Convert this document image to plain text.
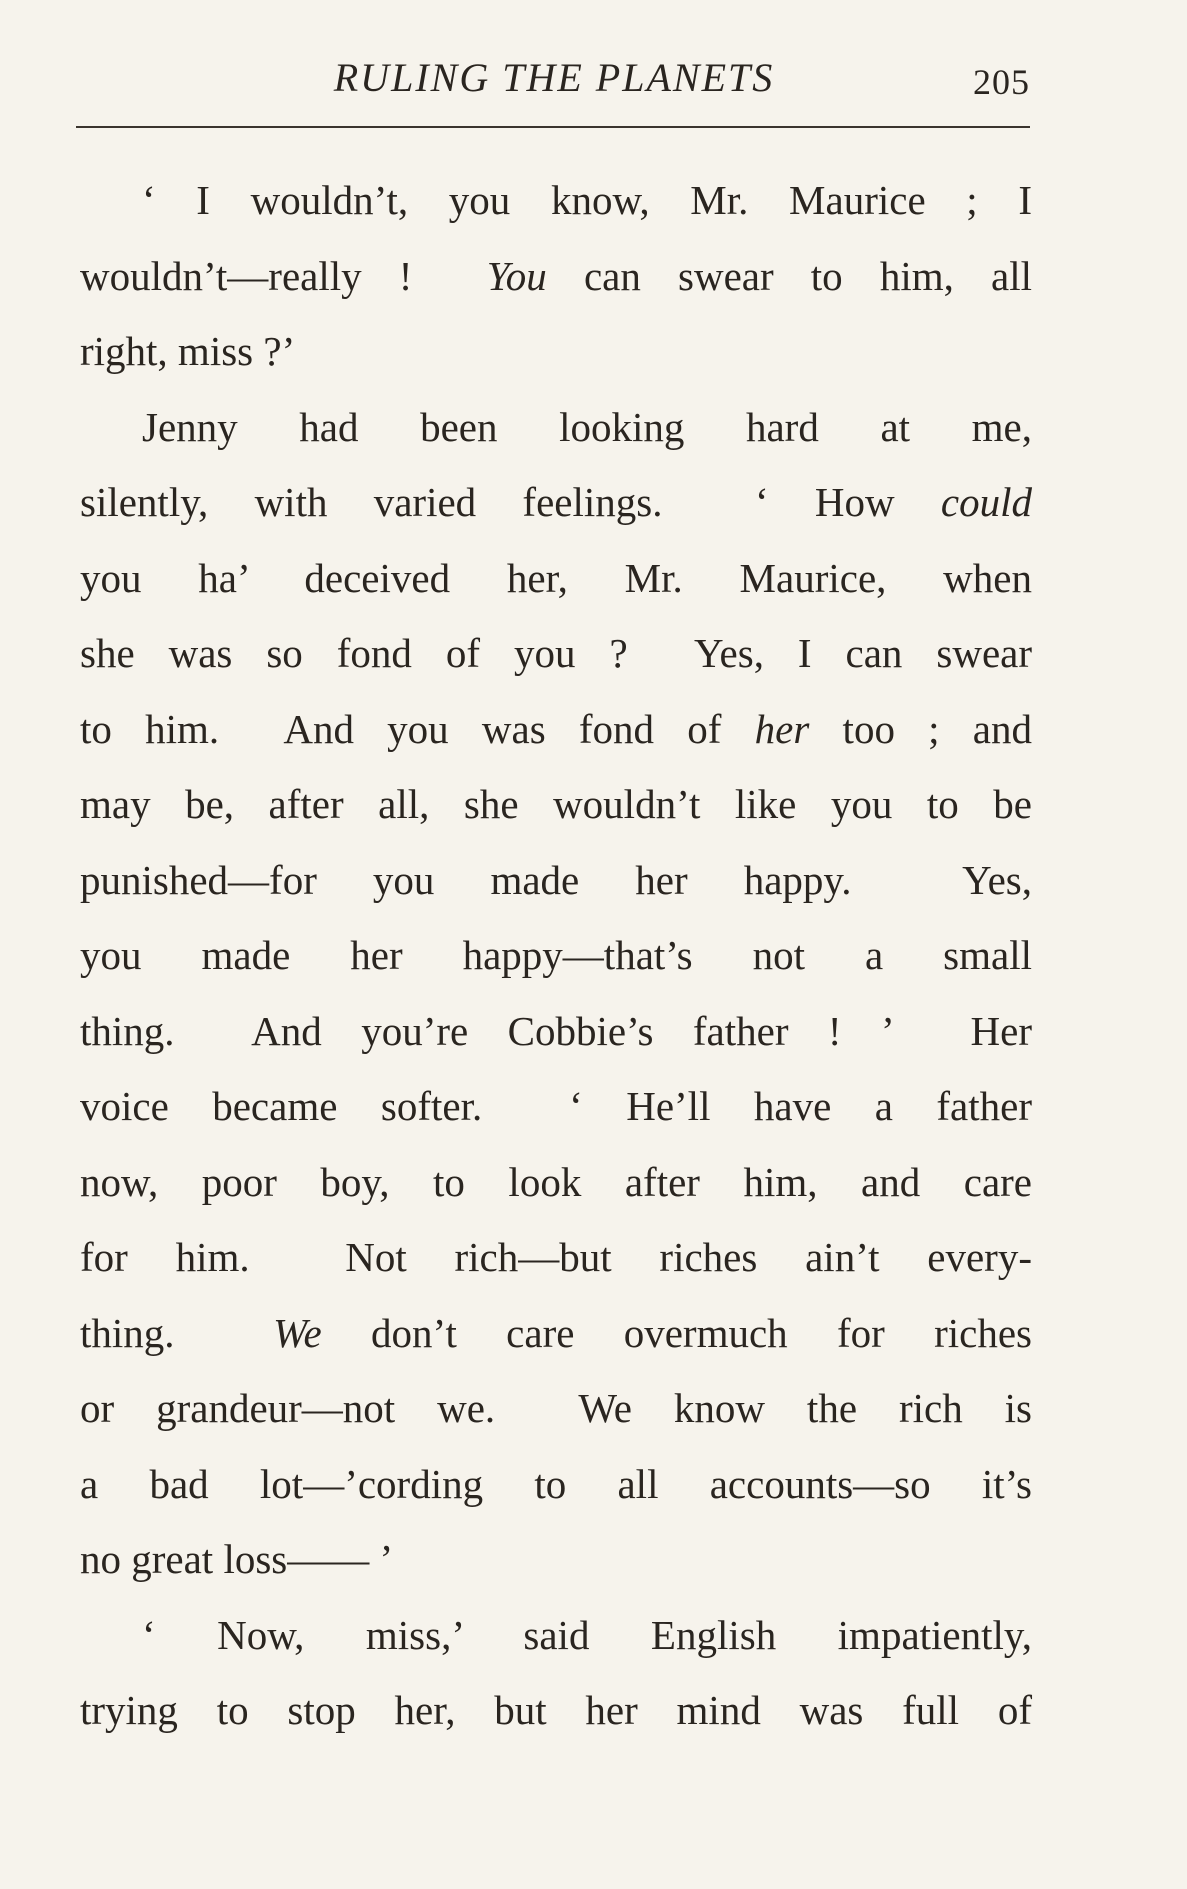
RULING THE PLANETS	205
‘ I wouldn’t, you know, Mr. Maurice ; I
wouldn’t—really !  You can swear to him, all
right, miss ?’
Jenny had been looking hard at me,
silently, with varied feelings.  ‘ How could
you ha’ deceived her, Mr. Maurice, when
she was so fond of you ?  Yes, I can swear
to him.  And you was fond of her too ; and
may be, after all, she wouldn’t like you to be
punished—for you made her happy.  Yes,
you made her happy—that’s not a small
thing.  And you’re Cobbie’s father ! ’  Her
voice became softer.  ‘ He’ll have a father
now, poor boy, to look after him, and care
for him.  Not rich—but riches ain’t every-
thing.  We don’t care overmuch for riches
or grandeur—not we.  We know the rich is
a bad lot—’cording to all accounts—so it’s
no great loss—— ’
‘ Now, miss,’ said English impatiently,
trying to stop her, but her mind was full of
